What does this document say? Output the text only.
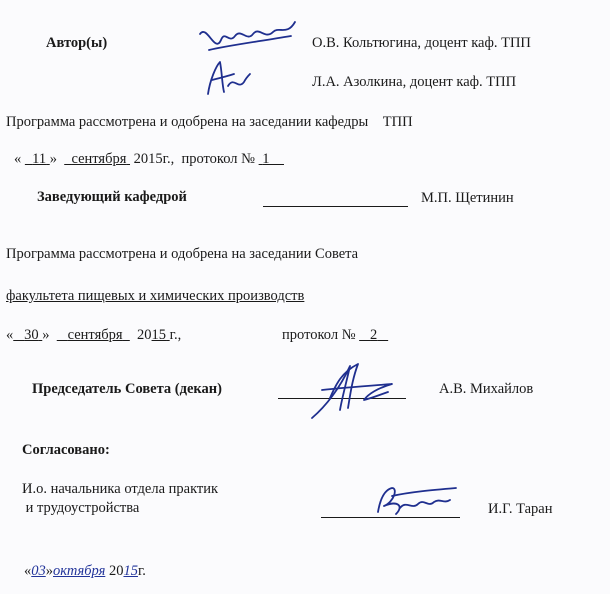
Автор(ы)	О.В. Кольтюгина, доцент каф. ТПП
Л.А. Азолкина, доцент каф. ТПП
Программа рассмотрена и одобрена на заседании кафедры ТПП
« 11 » сентября 2015г., протокол № 1
Заведующий кафедрой	М.П. Щетинин
Программа рассмотрена и одобрена на заседании Совета
факультета пищевых и химических производств
« 30 » сентября 2015 г.,	протокол № 2
Председатель Совета (декан)	А.В. Михайлов
Согласовано:
И.о. начальника отдела практик
и трудоустройства	И.Г. Таран
«03»октября 2015г.
